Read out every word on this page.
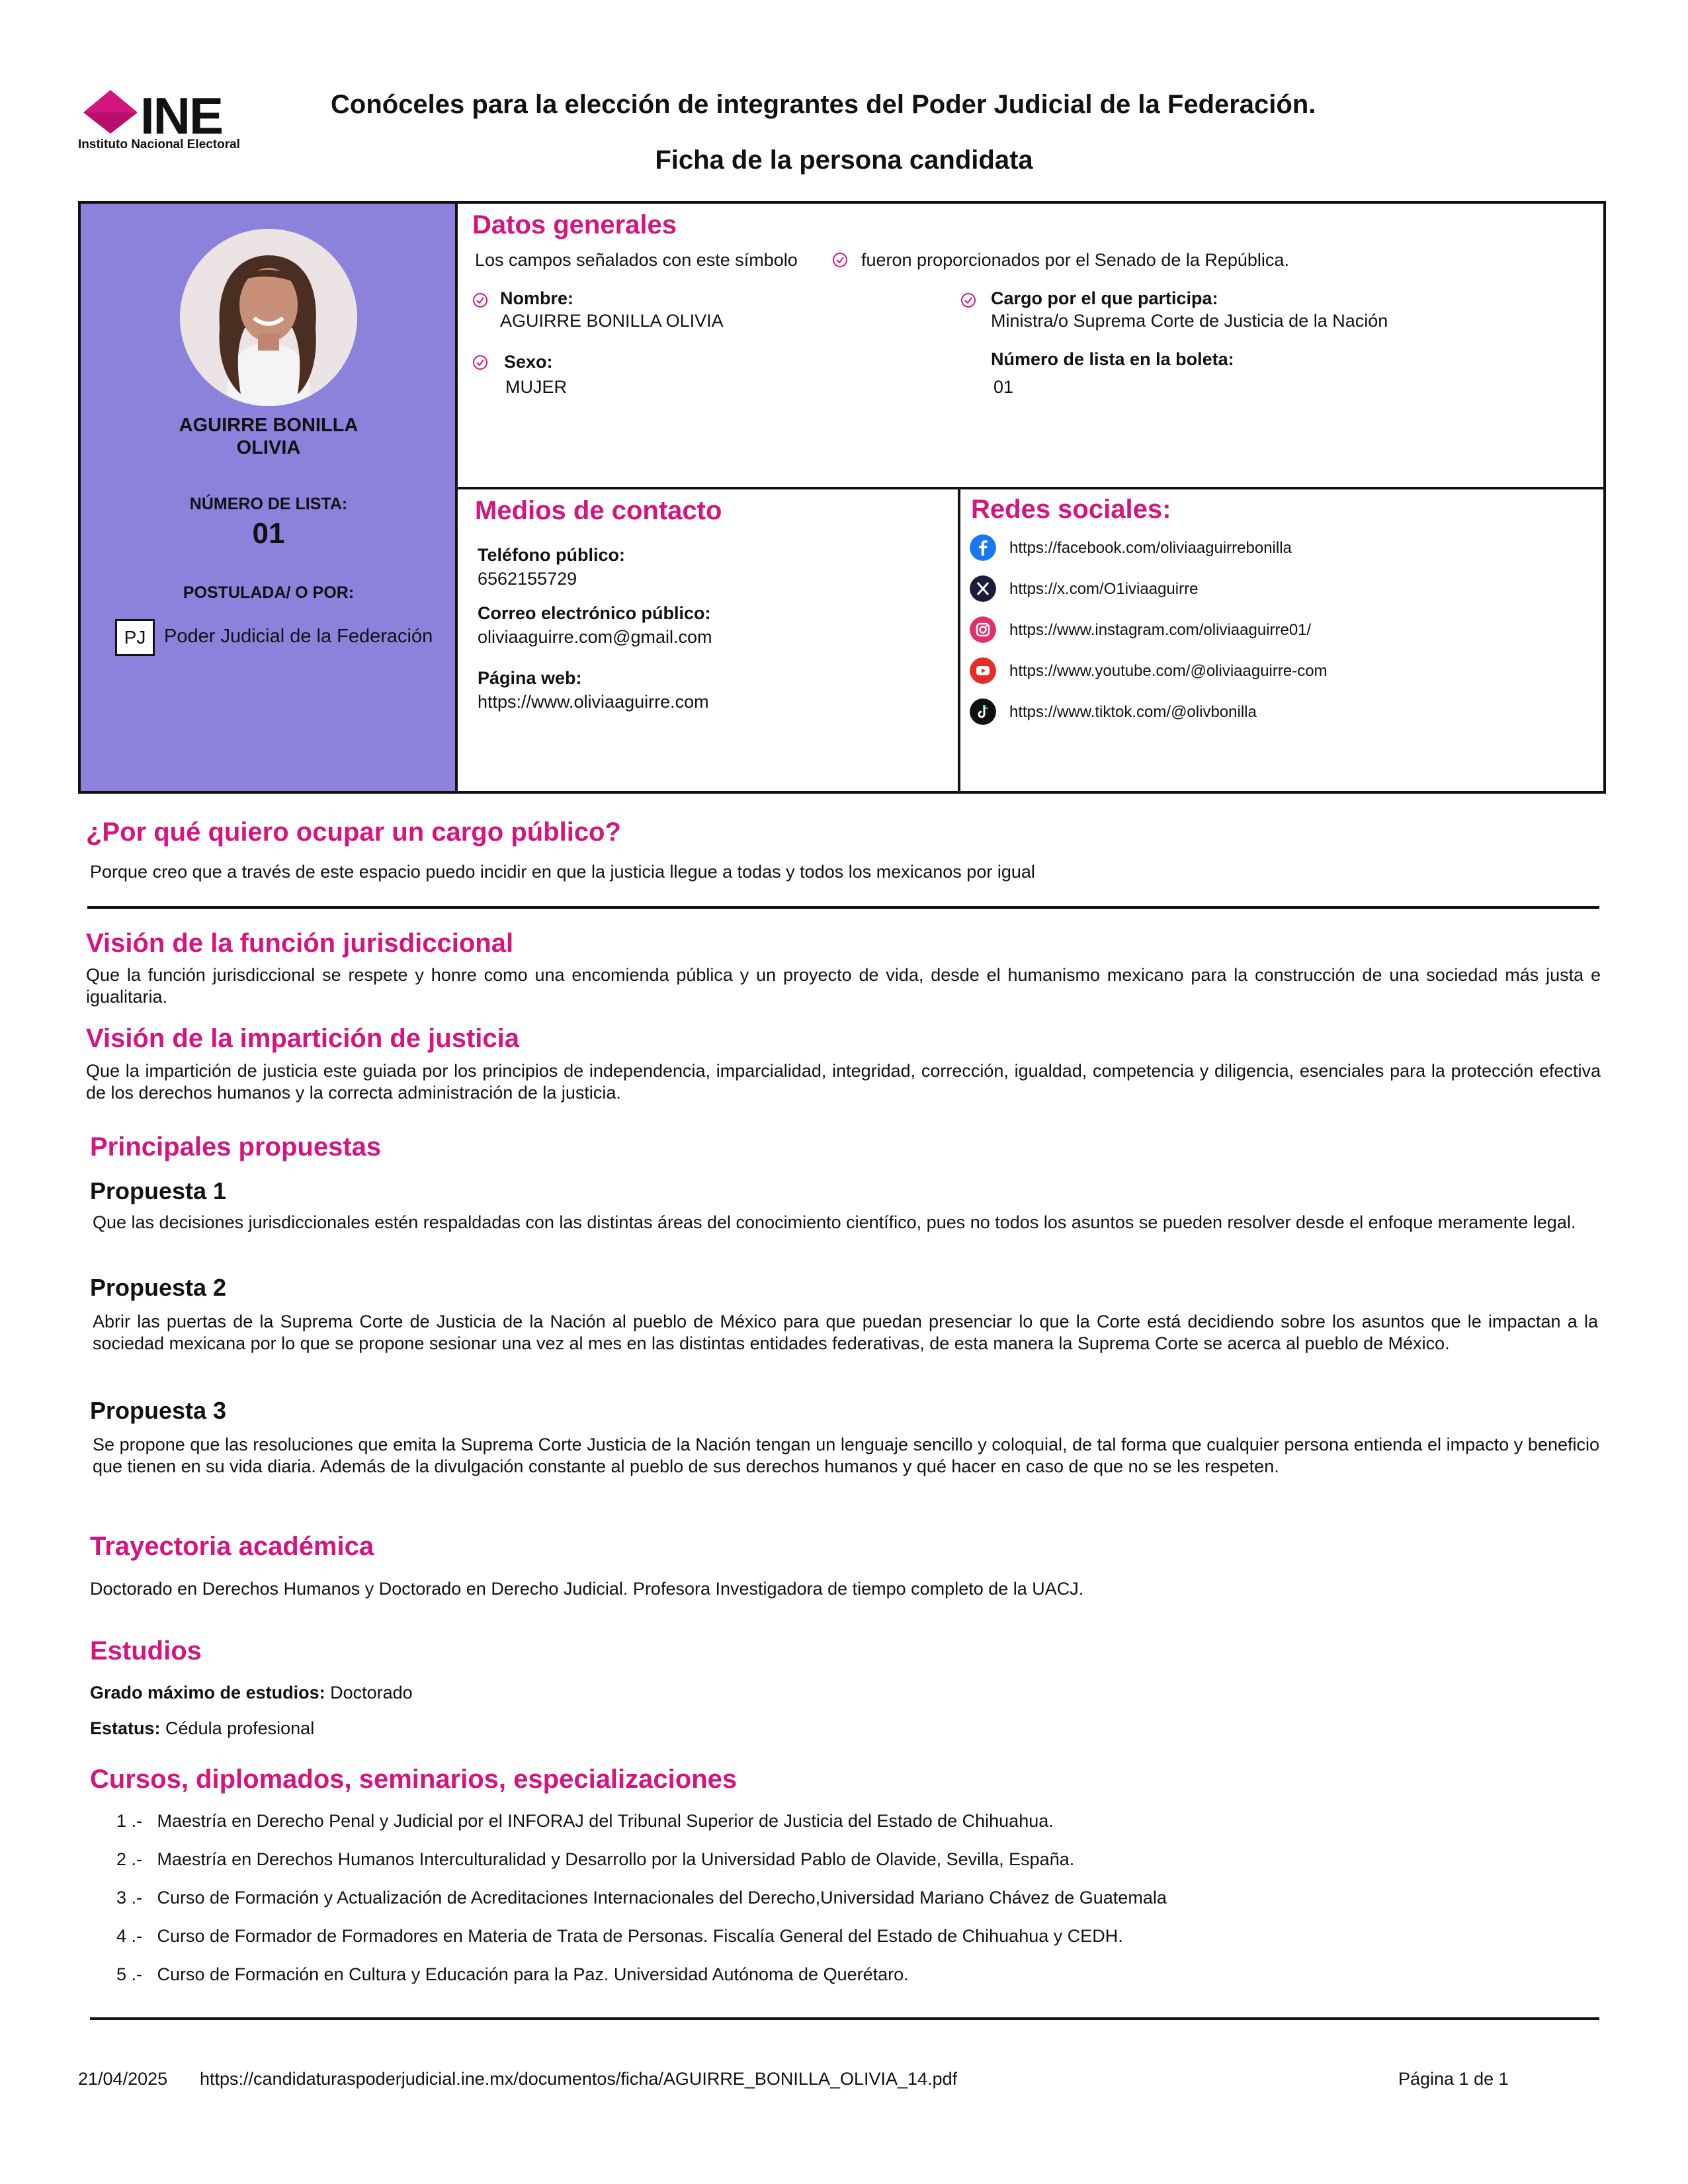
INE
Instituto Nacional Electoral
Conóceles para la elección de integrantes del Poder Judicial de la Federación.
Ficha de la persona candidata
AGUIRRE BONILLA
OLIVIA
NÚMERO DE LISTA:
01
POSTULADA/ O POR:
PJ Poder Judicial de la Federación
Datos generales
Los campos señalados con este símbolo	fueron proporcionados por el Senado de la República.
Nombre:
AGUIRRE BONILLA OLIVIA
Sexo:
MUJER
Cargo por el que participa:
Ministra/o Suprema Corte de Justicia de la Nación
Número de lista en la boleta:
01
Medios de contacto
Teléfono público:
6562155729
Correo electrónico público:
oliviaaguirre.com@gmail.com
Página web:
https://www.oliviaaguirre.com
Redes sociales:
https://facebook.com/oliviaaguirrebonilla
https://x.com/O1iviaaguirre
https://www.instagram.com/oliviaaguirre01/
https://www.youtube.com/@oliviaaguirre-com
https://www.tiktok.com/@olivbonilla
¿Por qué quiero ocupar un cargo público?
Porque creo que a través de este espacio puedo incidir en que la justicia llegue a todas y todos los mexicanos por igual
Visión de la función jurisdiccional
Que la función jurisdiccional se respete y honre como una encomienda pública y un proyecto de vida, desde el humanismo mexicano para la construcción de una sociedad más justa e igualitaria.
Visión de la impartición de justicia
Que la impartición de justicia este guiada por los principios de independencia, imparcialidad, integridad, corrección, igualdad, competencia y diligencia, esenciales para la protección efectiva de los derechos humanos y la correcta administración de la justicia.
Principales propuestas
Propuesta 1
Que las decisiones jurisdiccionales estén respaldadas con las distintas áreas del conocimiento científico, pues no todos los asuntos se pueden resolver desde el enfoque meramente legal.
Propuesta 2
Abrir las puertas de la Suprema Corte de Justicia de la Nación al pueblo de México para que puedan presenciar lo que la Corte está decidiendo sobre los asuntos que le impactan a la sociedad mexicana por lo que se propone sesionar una vez al mes en las distintas entidades federativas, de esta manera la Suprema Corte se acerca al pueblo de México.
Propuesta 3
Se propone que las resoluciones que emita la Suprema Corte Justicia de la Nación tengan un lenguaje sencillo y coloquial, de tal forma que cualquier persona entienda el impacto y beneficio que tienen en su vida diaria. Además de la divulgación constante al pueblo de sus derechos humanos y qué hacer en caso de que no se les respeten.
Trayectoria académica
Doctorado en Derechos Humanos y Doctorado en Derecho Judicial. Profesora Investigadora de tiempo completo de la UACJ.
Estudios
Grado máximo de estudios: Doctorado
Estatus: Cédula profesional
Cursos, diplomados, seminarios, especializaciones
1 .- Maestría en Derecho Penal y Judicial por el INFORAJ del Tribunal Superior de Justicia del Estado de Chihuahua.
2 .- Maestría en Derechos Humanos Interculturalidad y Desarrollo por la Universidad Pablo de Olavide, Sevilla, España.
3 .- Curso de Formación y Actualización de Acreditaciones Internacionales del Derecho,Universidad Mariano Chávez de Guatemala
4 .- Curso de Formador de Formadores en Materia de Trata de Personas. Fiscalía General del Estado de Chihuahua y CEDH.
5 .- Curso de Formación en Cultura y Educación para la Paz. Universidad Autónoma de Querétaro.
21/04/2025 https://candidaturaspoderjudicial.ine.mx/documentos/ficha/AGUIRRE_BONILLA_OLIVIA_14.pdf	Página 1 de 1
